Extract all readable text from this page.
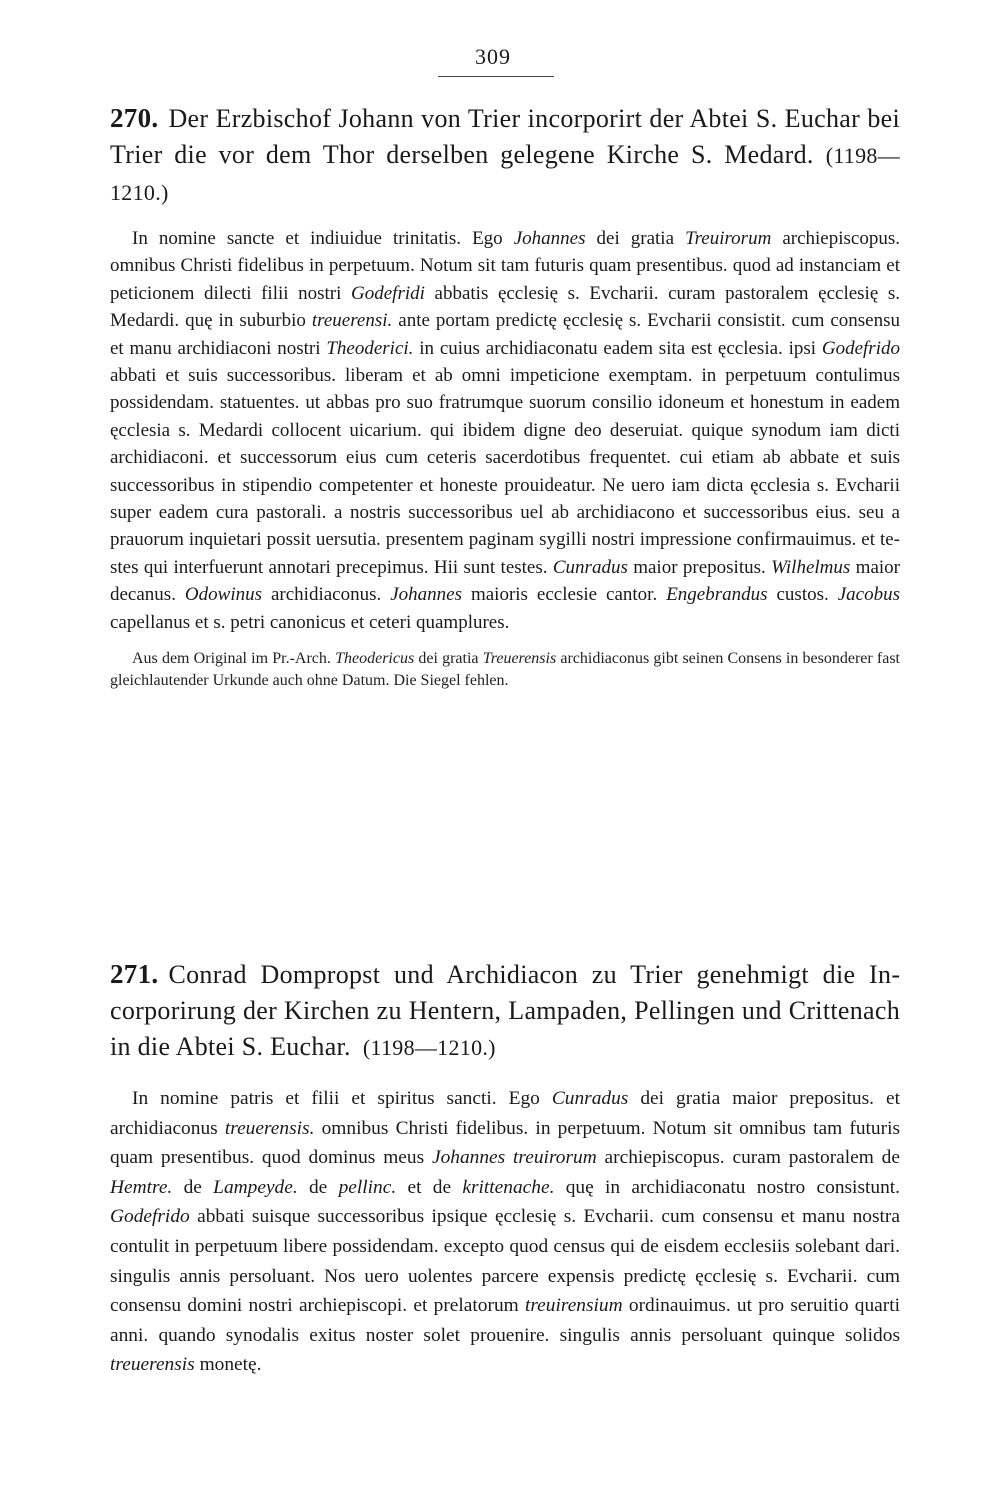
309
270. Der Erzbischof Johann von Trier incorporirt der Abtei S. Euchar bei Trier die vor dem Thor derselben gelegene Kirche S. Medard. (1198—1210.)

In nomine sancte et indiuidue trinitatis. Ego Johannes dei gratia Treuirorum archiepiscopus. omnibus Christi fidelibus in perpetuum. Notum sit tam futuris quam presentibus. quod ad instanciam et peticionem dilecti filii nostri Godefridi abbatis ęcclesię s. Evcharii. curam pastoralem ęcclesię s. Medardi. quę in suburbio treuerensi. ante portam predictę ęcclesię s. Evcharii consistit. cum consensu et manu archidiaconi nostri Theoderici. in cuius archidiaconatu eadem sita est ęcclesia. ipsi Godefrido abbati et suis successoribus. liberam et ab omni impeticione exemptam. in perpetuum contulimus possidendam. statuentes. ut abbas pro suo fratrumque suorum consilio idoneum et honestum in eadem ęcclesia s. Medardi collocent uicarium. qui ibidem digne deo deseruiat. quique synodum iam dicti archidiaconi. et successorum eius cum ceteris sacerdotibus frequentet. cui etiam ab abbate et suis successoribus in stipendio competenter et honeste prouideatur. Ne uero iam dicta ęcclesia s. Evcharii super eadem cura pastorali. a nostris successoribus uel ab archidiacono et successoribus eius. seu a prauorum inquietari possit uersutia. presentem paginam sygilli nostri impressione confirmauimus. et testes qui interfuerunt annotari precepimus. Hii sunt testes. Cunradus maior prepositus. Wilhelmus maior decanus. Odowinus archidiaconus. Johannes maioris ecclesie cantor. Engebrandus custos. Jacobus capellanus et s. petri canonicus et ceteri quamplures.

Aus dem Original im Pr.-Arch. Theodericus dei gratia Treuerensis archidiaconus gibt seinen Consens in besonderer fast gleichlautender Urkunde auch ohne Datum. Die Siegel fehlen.

271. Conrad Dompropst und Archidiacon zu Trier genehmigt die Incorporirung der Kirchen zu Hentern, Lampaden, Pellingen und Crittenach in die Abtei S. Euchar. (1198—1210.)

In nomine patris et filii et spiritus sancti. Ego Cunradus dei gratia maior prepositus. et archidiaconus treuerensis. omnibus Christi fidelibus. in perpetuum. Notum sit omnibus tam futuris quam presentibus. quod dominus meus Johannes treuirorum archiepiscopus. curam pastoralem de Hemtre. de Lampeyde. de pellinc. et de krittenache. quę in archidiaconatu nostro consistunt. Godefrido abbati suisque successoribus ipsique ęcclesię s. Evcharii. cum consensu et manu nostra contulit in perpetuum libere possidendam. excepto quod census qui de eisdem ecclesiis solebant dari. singulis annis persoluant. Nos uero uolentes parcere expensis predictę ęcclesię s. Evcharii. cum consensu domini nostri archiepiscopi. et prelatorum treuirensium ordinauimus. ut pro seruitio quarti anni. quando synodalis exitus noster solet prouenire. singulis annis persoluant quinque solidos treuerensis monetę.
